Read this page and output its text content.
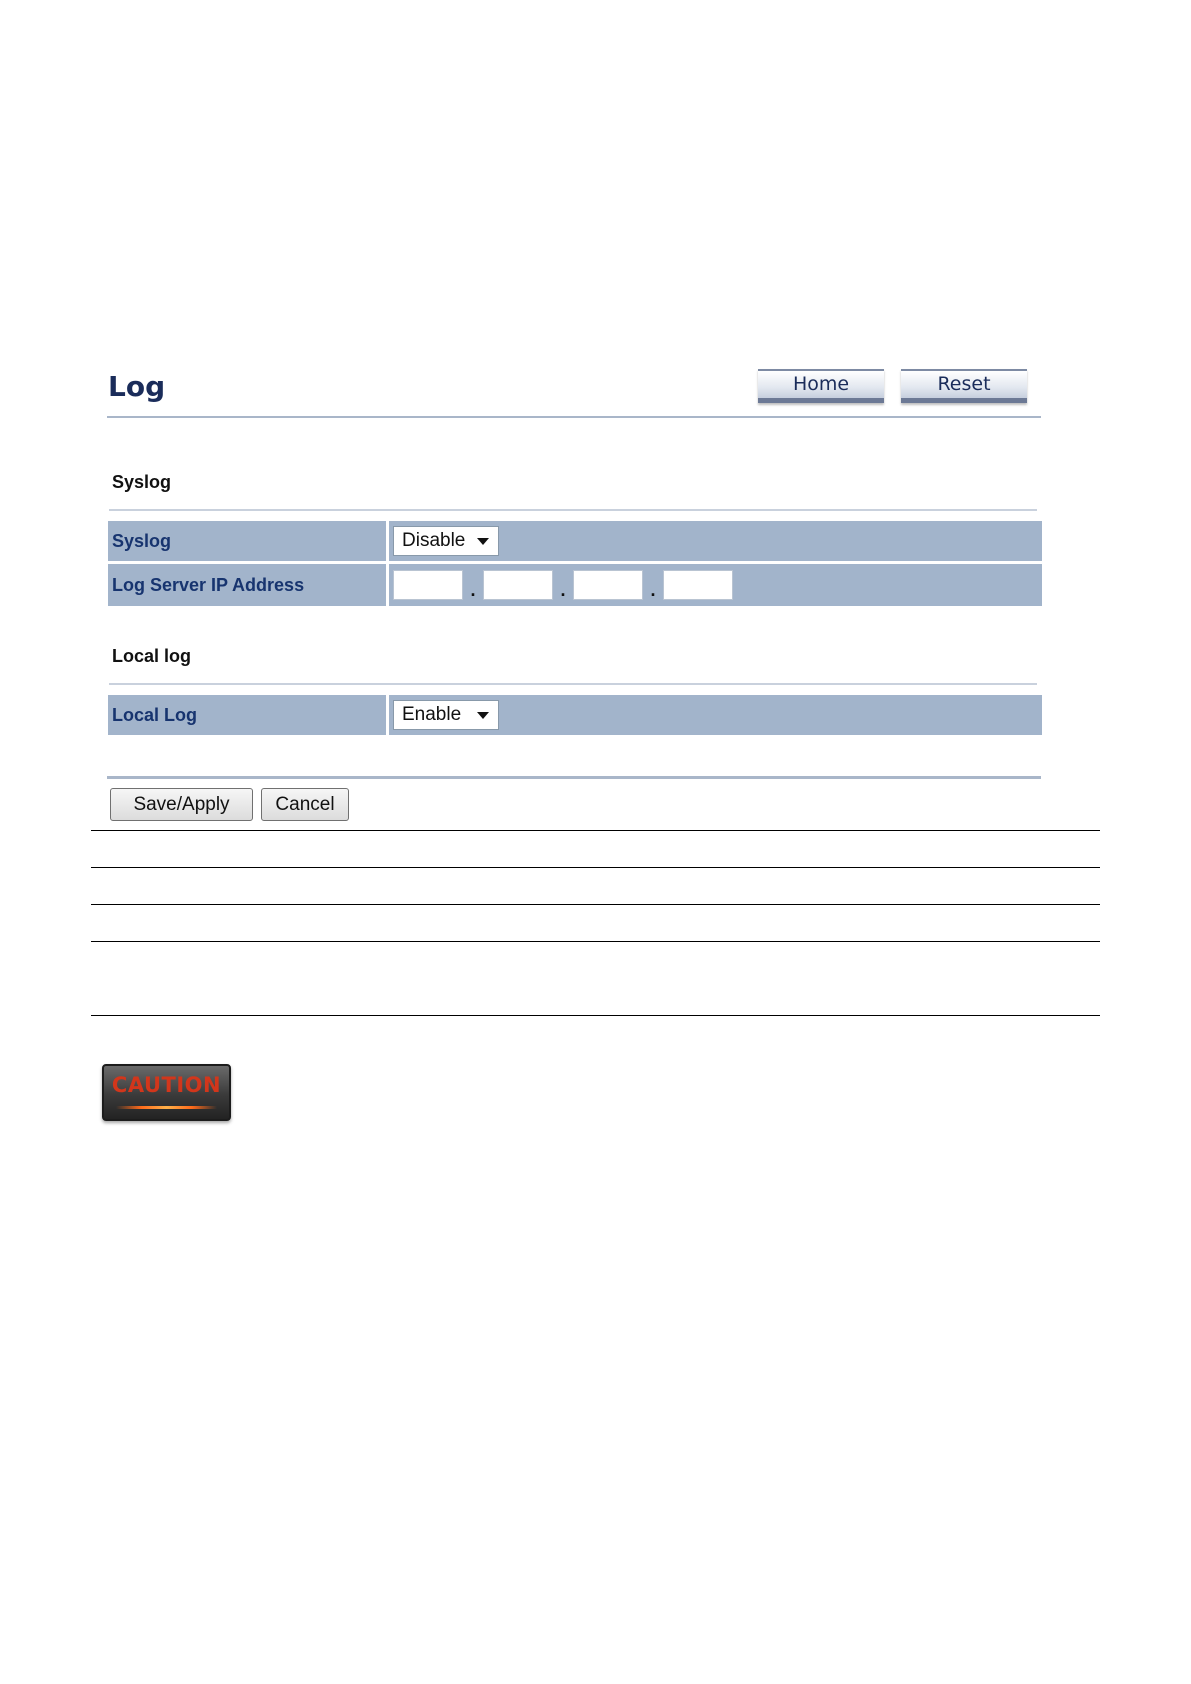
Log	Home	Reset
Syslog
Syslog	Disable
Log Server IP Address	.	.	.
Local log
Local Log	Enable
Save/Apply	Cancel
CAUTION
